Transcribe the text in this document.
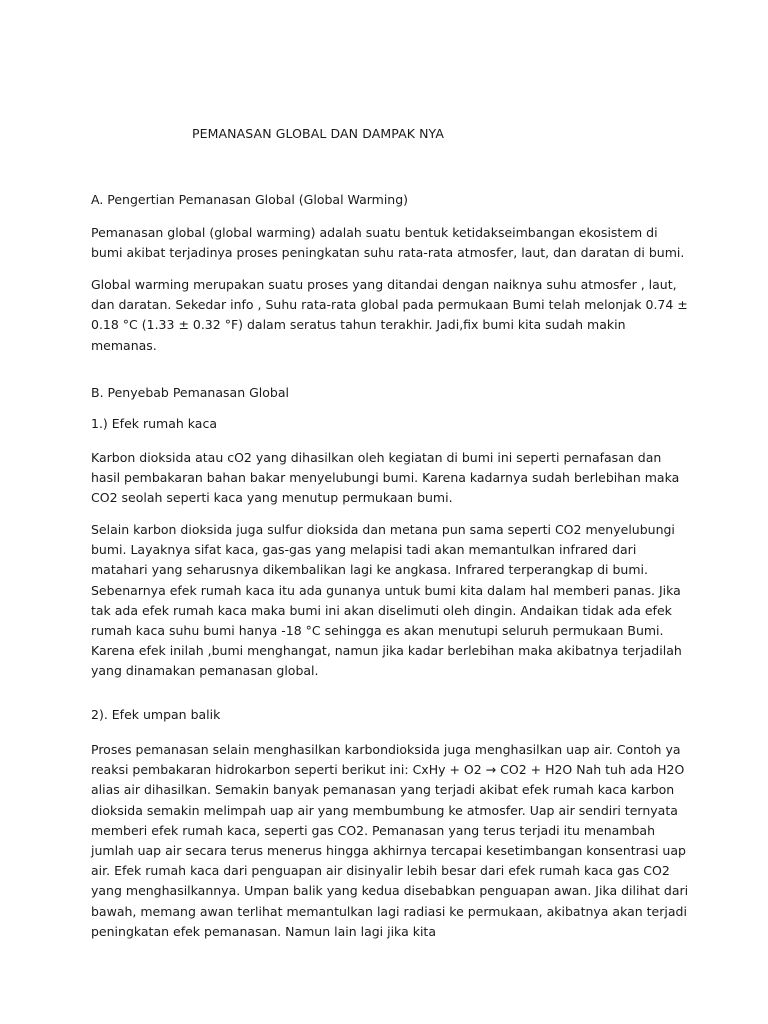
PEMANASAN GLOBAL DAN DAMPAK NYA
A. Pengertian Pemanasan Global (Global Warming)

Pemanasan global (global warming) adalah suatu bentuk ketidakseimbangan ekosistem di bumi akibat terjadinya proses peningkatan suhu rata-rata atmosfer, laut, dan daratan di bumi.

Global warming merupakan suatu proses yang ditandai dengan naiknya suhu atmosfer , laut, dan daratan. Sekedar info , Suhu rata-rata global pada permukaan Bumi telah melonjak 0.74 ± 0.18 °C (1.33 ± 0.32 °F) dalam seratus tahun terakhir. Jadi,fix bumi kita sudah makin memanas.

B. Penyebab Pemanasan Global
1.) Efek rumah kaca

Karbon dioksida atau cO2 yang dihasilkan oleh kegiatan di bumi ini seperti pernafasan dan hasil pembakaran bahan bakar menyelubungi bumi. Karena kadarnya sudah berlebihan maka CO2 seolah seperti kaca yang menutup permukaan bumi.

Selain karbon dioksida juga sulfur dioksida dan metana pun sama seperti CO2 menyelubungi bumi. Layaknya sifat kaca, gas-gas yang melapisi tadi akan memantulkan infrared dari matahari yang seharusnya dikembalikan lagi ke angkasa. Infrared terperangkap di bumi. Sebenarnya efek rumah kaca itu ada gunanya untuk bumi kita dalam hal memberi panas. Jika tak ada efek rumah kaca maka bumi ini akan diselimuti oleh dingin. Andaikan tidak ada efek rumah kaca suhu bumi hanya -18 °C sehingga es akan menutupi seluruh permukaan Bumi. Karena efek inilah ,bumi menghangat, namun jika kadar berlebihan maka akibatnya terjadilah yang dinamakan pemanasan global.

2). Efek umpan balik

Proses pemanasan selain menghasilkan karbondioksida juga menghasilkan uap air. Contoh ya reaksi pembakaran hidrokarbon seperti berikut ini: CxHy + O2 → CO2 + H2O Nah tuh ada H2O alias air dihasilkan. Semakin banyak pemanasan yang terjadi akibat efek rumah kaca karbon dioksida semakin melimpah uap air yang membumbung ke atmosfer. Uap air sendiri ternyata memberi efek rumah kaca, seperti gas CO2. Pemanasan yang terus terjadi itu menambah jumlah uap air secara terus menerus hingga akhirnya tercapai kesetimbangan konsentrasi uap air. Efek rumah kaca dari penguapan air disinyalir lebih besar dari efek rumah kaca gas CO2 yang menghasilkannya. Umpan balik yang kedua disebabkan penguapan awan. Jika dilihat dari bawah, memang awan terlihat memantulkan lagi radiasi ke permukaan, akibatnya akan terjadi peningkatan efek pemanasan. Namun lain lagi jika kita
